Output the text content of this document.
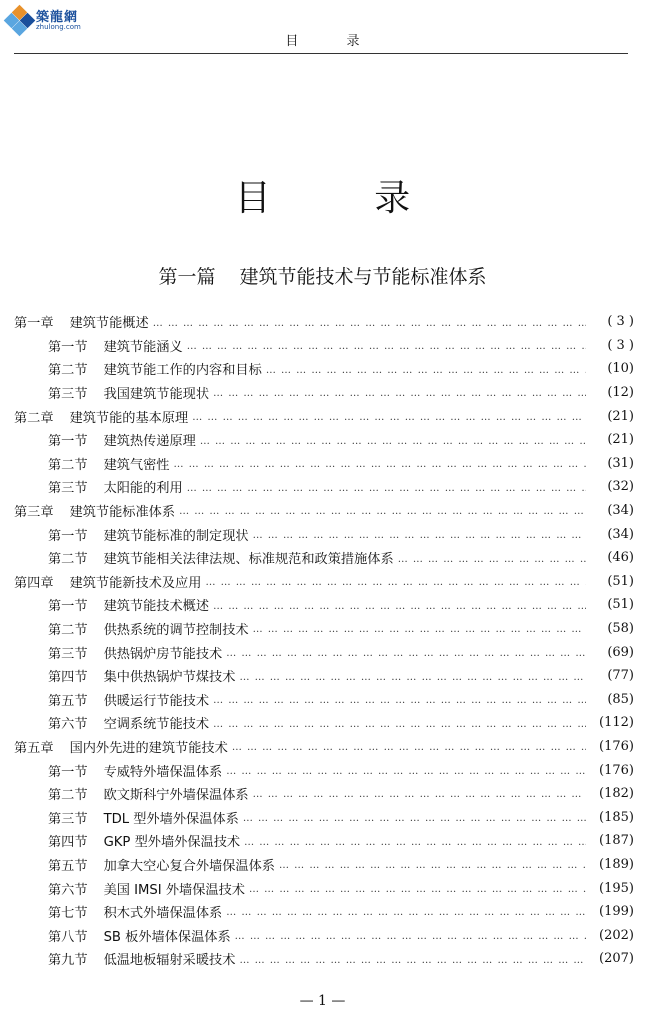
築龍網
zhulong.com
目 录
目 录
第一篇 建筑节能技术与节能标准体系
第一章 建筑节能概述 … … … … … … … … … … … … … … … … … … … … … … … … … … … … … … … … … … … … … … … … … … … … … … … … … … … … … … … … … … … … … … … … … … … … … … … … … … …	( 3 )
第一节 建筑节能涵义 … … … … … … … … … … … … … … … … … … … … … … … … … … … … … … … … … … … … … … … … … … … … … … … … … … … … … … … … … … … … … … … … … … … … … … … … … … …	( 3 )
第二节 建筑节能工作的内容和目标 … … … … … … … … … … … … … … … … … … … … … … … … … … … … … … … … … … … … … … … … … … … … … … … … … … … … … … … … … … … … … … … … … … … … … … … … … … …	(10)
第三节 我国建筑节能现状 … … … … … … … … … … … … … … … … … … … … … … … … … … … … … … … … … … … … … … … … … … … … … … … … … … … … … … … … … … … … … … … … … … … … … … … … … … …	(12)
第二章 建筑节能的基本原理 … … … … … … … … … … … … … … … … … … … … … … … … … … … … … … … … … … … … … … … … … … … … … … … … … … … … … … … … … … … … … … … … … … … … … … … … … … …	(21)
第一节 建筑热传递原理 … … … … … … … … … … … … … … … … … … … … … … … … … … … … … … … … … … … … … … … … … … … … … … … … … … … … … … … … … … … … … … … … … … … … … … … … … … …	(21)
第二节 建筑气密性 … … … … … … … … … … … … … … … … … … … … … … … … … … … … … … … … … … … … … … … … … … … … … … … … … … … … … … … … … … … … … … … … … … … … … … … … … … …	(31)
第三节 太阳能的利用 … … … … … … … … … … … … … … … … … … … … … … … … … … … … … … … … … … … … … … … … … … … … … … … … … … … … … … … … … … … … … … … … … … … … … … … … … … …	(32)
第三章 建筑节能标准体系 … … … … … … … … … … … … … … … … … … … … … … … … … … … … … … … … … … … … … … … … … … … … … … … … … … … … … … … … … … … … … … … … … … … … … … … … … … …	(34)
第一节 建筑节能标准的制定现状 … … … … … … … … … … … … … … … … … … … … … … … … … … … … … … … … … … … … … … … … … … … … … … … … … … … … … … … … … … … … … … … … … … … … … … … … … … …	(34)
第二节 建筑节能相关法律法规、标准规范和政策措施体系 … … … … … … … … … … … … … … … … … … … … … … … … … … … … … … … … … … … … … … … … … … … … … … … … … … … … … … … … … … … … … … … … … … … … … … … … … … …	(46)
第四章 建筑节能新技术及应用 … … … … … … … … … … … … … … … … … … … … … … … … … … … … … … … … … … … … … … … … … … … … … … … … … … … … … … … … … … … … … … … … … … … … … … … … … … …	(51)
第一节 建筑节能技术概述 … … … … … … … … … … … … … … … … … … … … … … … … … … … … … … … … … … … … … … … … … … … … … … … … … … … … … … … … … … … … … … … … … … … … … … … … … … …	(51)
第二节 供热系统的调节控制技术 … … … … … … … … … … … … … … … … … … … … … … … … … … … … … … … … … … … … … … … … … … … … … … … … … … … … … … … … … … … … … … … … … … … … … … … … … … …	(58)
第三节 供热锅炉房节能技术 … … … … … … … … … … … … … … … … … … … … … … … … … … … … … … … … … … … … … … … … … … … … … … … … … … … … … … … … … … … … … … … … … … … … … … … … … … …	(69)
第四节 集中供热锅炉节煤技术 … … … … … … … … … … … … … … … … … … … … … … … … … … … … … … … … … … … … … … … … … … … … … … … … … … … … … … … … … … … … … … … … … … … … … … … … … … …	(77)
第五节 供暖运行节能技术 … … … … … … … … … … … … … … … … … … … … … … … … … … … … … … … … … … … … … … … … … … … … … … … … … … … … … … … … … … … … … … … … … … … … … … … … … … …	(85)
第六节 空调系统节能技术 … … … … … … … … … … … … … … … … … … … … … … … … … … … … … … … … … … … … … … … … … … … … … … … … … … … … … … … … … … … … … … … … … … … … … … … … … … …	(112)
第五章 国内外先进的建筑节能技术 … … … … … … … … … … … … … … … … … … … … … … … … … … … … … … … … … … … … … … … … … … … … … … … … … … … … … … … … … … … … … … … … … … … … … … … … … … …	(176)
第一节 专威特外墙保温体系 … … … … … … … … … … … … … … … … … … … … … … … … … … … … … … … … … … … … … … … … … … … … … … … … … … … … … … … … … … … … … … … … … … … … … … … … … … …	(176)
第二节 欧文斯科宁外墙保温体系 … … … … … … … … … … … … … … … … … … … … … … … … … … … … … … … … … … … … … … … … … … … … … … … … … … … … … … … … … … … … … … … … … … … … … … … … … … …	(182)
第三节 TDL 型外墙外保温体系 … … … … … … … … … … … … … … … … … … … … … … … … … … … … … … … … … … … … … … … … … … … … … … … … … … … … … … … … … … … … … … … … … … … … … … … … … … …	(185)
第四节 GKP 型外墙外保温技术 … … … … … … … … … … … … … … … … … … … … … … … … … … … … … … … … … … … … … … … … … … … … … … … … … … … … … … … … … … … … … … … … … … … … … … … … … … …	(187)
第五节 加拿大空心复合外墙保温体系 … … … … … … … … … … … … … … … … … … … … … … … … … … … … … … … … … … … … … … … … … … … … … … … … … … … … … … … … … … … … … … … … … … … … … … … … … … …	(189)
第六节 美国 IMSI 外墙保温技术 … … … … … … … … … … … … … … … … … … … … … … … … … … … … … … … … … … … … … … … … … … … … … … … … … … … … … … … … … … … … … … … … … … … … … … … … … … …	(195)
第七节 积木式外墙保温体系 … … … … … … … … … … … … … … … … … … … … … … … … … … … … … … … … … … … … … … … … … … … … … … … … … … … … … … … … … … … … … … … … … … … … … … … … … … …	(199)
第八节 SB 板外墙体保温体系 … … … … … … … … … … … … … … … … … … … … … … … … … … … … … … … … … … … … … … … … … … … … … … … … … … … … … … … … … … … … … … … … … … … … … … … … … … …	(202)
第九节 低温地板辐射采暖技术 … … … … … … … … … … … … … … … … … … … … … … … … … … … … … … … … … … … … … … … … … … … … … … … … … … … … … … … … … … … … … … … … … … … … … … … … … … …	(207)
— 1 —
